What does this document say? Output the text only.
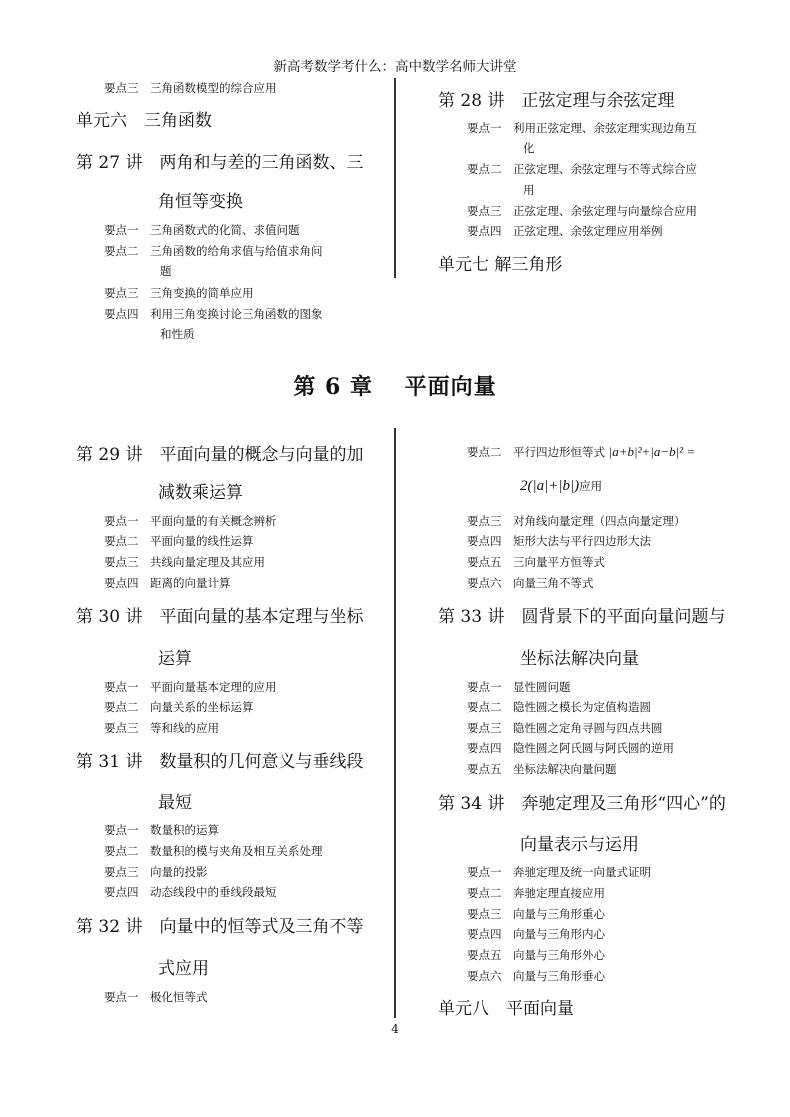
新高考数学考什么：高中数学名师大讲堂
要点三　 三角函数模型的综合应用
单元六　三角函数
第 27 讲　两角和与差的三角函数、三
角恒等变换
要点一　 三角函数式的化简、求值问题
要点二　 三角函数的给角求值与给值求角问
题
要点三　 三角变换的简单应用
要点四　 利用三角变换讨论三角函数的图象
和性质
第 28 讲　正弦定理与余弦定理
要点一　 利用正弦定理、余弦定理实现边角互
化
要点二　 正弦定理、余弦定理与不等式综合应
用
要点三　 正弦定理、余弦定理与向量综合应用
要点四　 正弦定理、余弦定理应用举例
单元七 解三角形
第 6 章　 平面向量
第 29 讲　平面向量的概念与向量的加
减数乘运算
要点一　 平面向量的有关概念辨析
要点二　 平面向量的线性运算
要点三　 共线向量定理及其应用
要点四　 距离的向量计算
第 30 讲　平面向量的基本定理与坐标
运算
要点一　 平面向量基本定理的应用
要点二　 向量关系的坐标运算
要点三　 等和线的应用
第 31 讲　数量积的几何意义与垂线段
最短
要点一　 数量积的运算
要点二　 数量积的模与夹角及相互关系处理
要点三　 向量的投影
要点四　 动态线段中的垂线段最短
第 32 讲　向量中的恒等式及三角不等
式应用
要点一　 极化恒等式
要点二　 平行四边形恒等式 |a+b|²+|a−b|² =
2(|a|+|b|)应用
要点三　 对角线向量定理（四点向量定理）
要点四　 矩形大法与平行四边形大法
要点五　 三向量平方恒等式
要点六　 向量三角不等式
第 33 讲　圆背景下的平面向量问题与
坐标法解决向量
要点一　 显性圆问题
要点二　 隐性圆之模长为定值构造圆
要点三　 隐性圆之定角寻圆与四点共圆
要点四　 隐性圆之阿氏圆与阿氏圆的逆用
要点五　 坐标法解决向量问题
第 34 讲　奔驰定理及三角形“四心”的
向量表示与运用
要点一　 奔驰定理及统一向量式证明
要点二　 奔驰定理直接应用
要点三　 向量与三角形重心
要点四　 向量与三角形内心
要点五　 向量与三角形外心
要点六　 向量与三角形垂心
单元八　平面向量
4
